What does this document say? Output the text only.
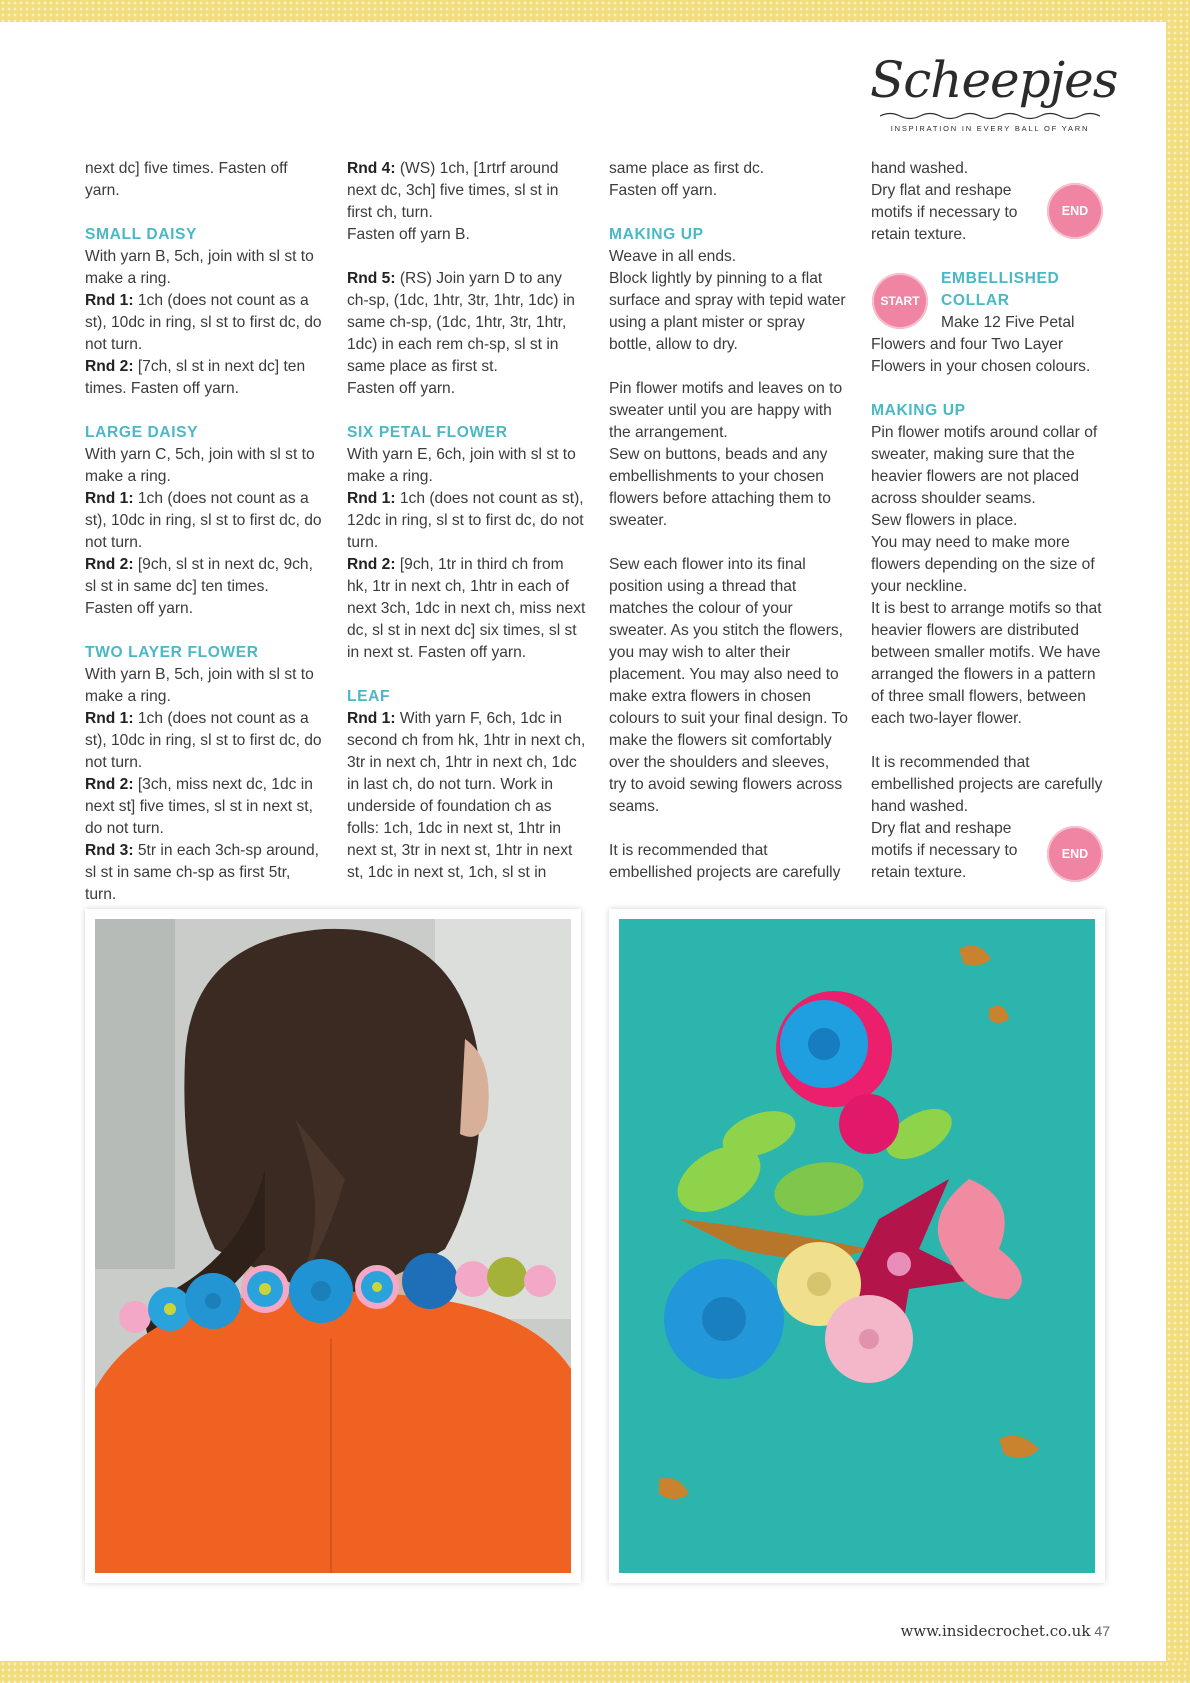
Scheepjes
INSPIRATION IN EVERY BALL OF YARN

next dc] five times. Fasten off yarn.

SMALL DAISY

With yarn B, 5ch, join with sl st to make a ring.

Rnd 1: 1ch (does not count as a st), 10dc in ring, sl st to first dc, do not turn.

Rnd 2: [7ch, sl st in next dc] ten times. Fasten off yarn.

LARGE DAISY

With yarn C, 5ch, join with sl st to make a ring.

Rnd 1: 1ch (does not count as a st), 10dc in ring, sl st to first dc, do not turn.

Rnd 2: [9ch, sl st in next dc, 9ch, sl st in same dc] ten times.

Fasten off yarn.

TWO LAYER FLOWER

With yarn B, 5ch, join with sl st to make a ring.

Rnd 1: 1ch (does not count as a st), 10dc in ring, sl st to first dc, do not turn.

Rnd 2: [3ch, miss next dc, 1dc in next st] five times, sl st in next st, do not turn.

Rnd 3: 5tr in each 3ch-sp around, sl st in same ch-sp as first 5tr, turn.

Rnd 4: (WS) 1ch, [1rtrf around next dc, 3ch] five times, sl st in first ch, turn.

Fasten off yarn B.

Rnd 5: (RS) Join yarn D to any ch-sp, (1dc, 1htr, 3tr, 1htr, 1dc) in same ch-sp, (1dc, 1htr, 3tr, 1htr, 1dc) in each rem ch-sp, sl st in same place as first st.

Fasten off yarn.

SIX PETAL FLOWER

With yarn E, 6ch, join with sl st to make a ring.

Rnd 1: 1ch (does not count as st), 12dc in ring, sl st to first dc, do not turn.

Rnd 2: [9ch, 1tr in third ch from hk, 1tr in next ch, 1htr in each of next 3ch, 1dc in next ch, miss next dc, sl st in next dc] six times, sl st in next st. Fasten off yarn.

LEAF

Rnd 1: With yarn F, 6ch, 1dc in second ch from hk, 1htr in next ch, 3tr in next ch, 1htr in next ch, 1dc in last ch, do not turn. Work in underside of foundation ch as folls: 1ch, 1dc in next st, 1htr in next st, 3tr in next st, 1htr in next st, 1dc in next st, 1ch, sl st in

same place as first dc.

Fasten off yarn.

MAKING UP

Weave in all ends.

Block lightly by pinning to a flat surface and spray with tepid water using a plant mister or spray bottle, allow to dry.

Pin flower motifs and leaves on to sweater until you are happy with the arrangement.

Sew on buttons, beads and any embellishments to your chosen flowers before attaching them to sweater.

Sew each flower into its final position using a thread that matches the colour of your sweater. As you stitch the flowers, you may wish to alter their placement. You may also need to make extra flowers in chosen colours to suit your final design. To make the flowers sit comfortably over the shoulders and sleeves, try to avoid sewing flowers across seams.

It is recommended that embellished projects are carefully

hand washed.

Dry flat and reshape motifs if necessary to retain texture.

EMBELLISHED
COLLAR

Make 12 Five Petal Flowers and four Two Layer Flowers in your chosen colours.

MAKING UP

Pin flower motifs around collar of sweater, making sure that the heavier flowers are not placed across shoulder seams.

Sew flowers in place.

You may need to make more flowers depending on the size of your neckline.

It is best to arrange motifs so that heavier flowers are distributed between smaller motifs. We have arranged the flowers in a pattern of three small flowers, between each two-layer flower.

It is recommended that embellished projects are carefully hand washed.

Dry flat and reshape motifs if necessary to retain texture.

END
START
END
www.insidecrochet.co.uk 47
